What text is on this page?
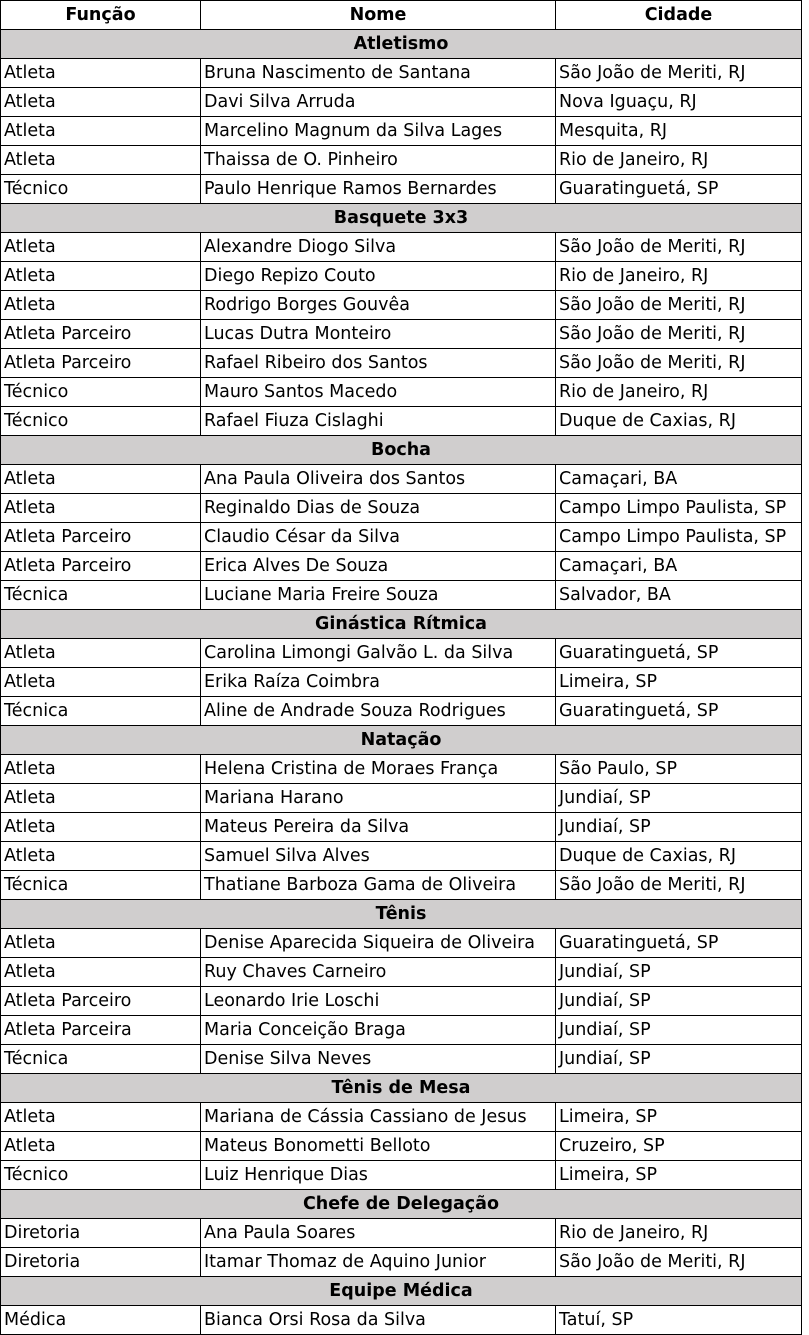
Função	Nome	Cidade
Atletismo		
Atleta	Bruna Nascimento de Santana	São João de Meriti, RJ
Atleta	Davi Silva Arruda	Nova Iguaçu, RJ
Atleta	Marcelino Magnum da Silva Lages	Mesquita, RJ
Atleta	Thaissa de O. Pinheiro	Rio de Janeiro, RJ
Técnico	Paulo Henrique Ramos Bernardes	Guaratinguetá, SP
Basquete 3x3		
Atleta	Alexandre Diogo Silva	São João de Meriti, RJ
Atleta	Diego Repizo Couto	Rio de Janeiro, RJ
Atleta	Rodrigo Borges Gouvêa	São João de Meriti, RJ
Atleta Parceiro	Lucas Dutra Monteiro	São João de Meriti, RJ
Atleta Parceiro	Rafael Ribeiro dos Santos	São João de Meriti, RJ
Técnico	Mauro Santos Macedo	Rio de Janeiro, RJ
Técnico	Rafael Fiuza Cislaghi	Duque de Caxias, RJ
Bocha		
Atleta	Ana Paula Oliveira dos Santos	Camaçari, BA
Atleta	Reginaldo Dias de Souza	Campo Limpo Paulista, SP
Atleta Parceiro	Claudio César da Silva	Campo Limpo Paulista, SP
Atleta Parceiro	Erica Alves De Souza	Camaçari, BA
Técnica	Luciane Maria Freire Souza	Salvador, BA
Ginástica Rítmica		
Atleta	Carolina Limongi Galvão L. da Silva	Guaratinguetá, SP
Atleta	Erika Raíza Coimbra	Limeira, SP
Técnica	Aline de Andrade Souza Rodrigues	Guaratinguetá, SP
Natação		
Atleta	Helena Cristina de Moraes França	São Paulo, SP
Atleta	Mariana Harano	Jundiaí, SP
Atleta	Mateus Pereira da Silva	Jundiaí, SP
Atleta	Samuel Silva Alves	Duque de Caxias, RJ
Técnica	Thatiane Barboza Gama de Oliveira	São João de Meriti, RJ
Tênis		
Atleta	Denise Aparecida Siqueira de Oliveira	Guaratinguetá, SP
Atleta	Ruy Chaves Carneiro	Jundiaí, SP
Atleta Parceiro	Leonardo Irie Loschi	Jundiaí, SP
Atleta Parceira	Maria Conceição Braga	Jundiaí, SP
Técnica	Denise Silva Neves	Jundiaí, SP
Tênis de Mesa		
Atleta	Mariana de Cássia Cassiano de Jesus	Limeira, SP
Atleta	Mateus Bonometti Belloto	Cruzeiro, SP
Técnico	Luiz Henrique Dias	Limeira, SP
Chefe de Delegação		
Diretoria	Ana Paula Soares	Rio de Janeiro, RJ
Diretoria	Itamar Thomaz de Aquino Junior	São João de Meriti, RJ
Equipe Médica		
Médica	Bianca Orsi Rosa da Silva	Tatuí, SP
